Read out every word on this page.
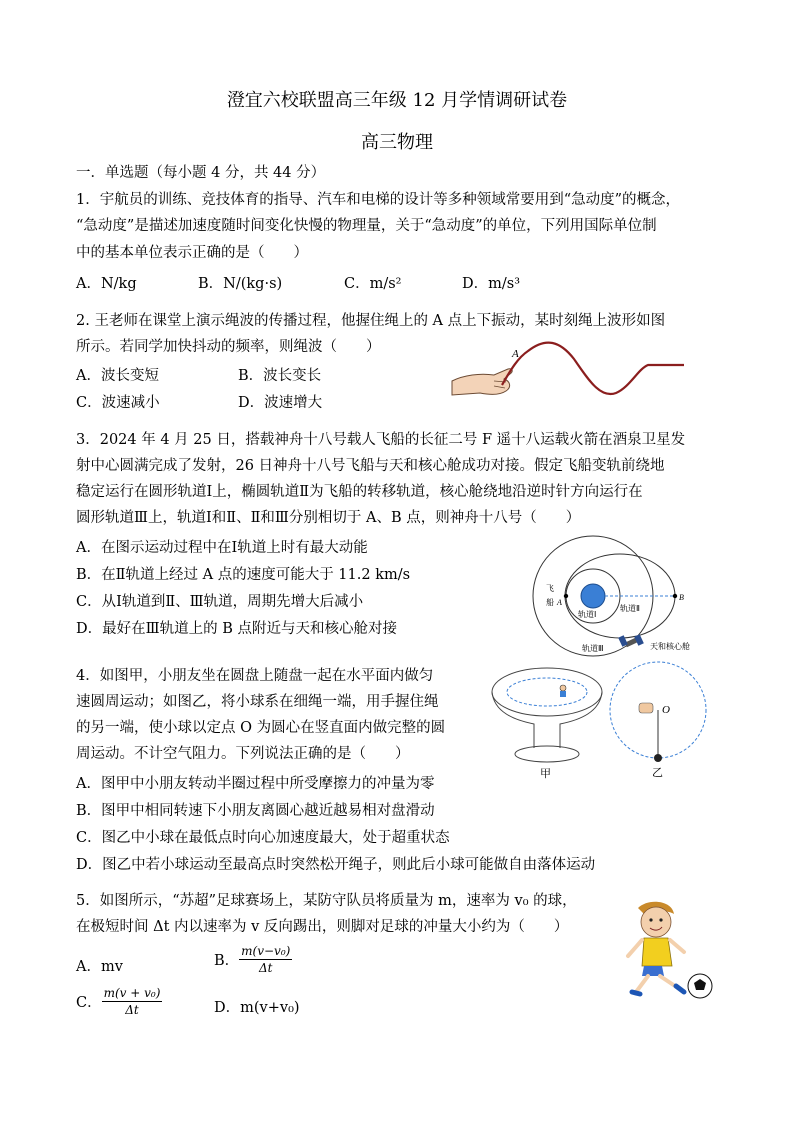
澄宜六校联盟高三年级 12 月学情调研试卷
高三物理
一．单选题（每小题 4 分，共 44 分）
1．宇航员的训练、竞技体育的指导、汽车和电梯的设计等多种领域常要用到“急动度”的概念，
“急动度”是描述加速度随时间变化快慢的物理量，关于“急动度”的单位，下列用国际单位制
中的基本单位表示正确的是（　　）
A．N/kg	B．N/(kg·s)	C．m/s²	D．m/s³
2. 王老师在课堂上演示绳波的传播过程，他握住绳上的 A 点上下振动，某时刻绳上波形如图
所示。若同学加快抖动的频率，则绳波（　　）
A．波长变短	B．波长变长
C．波速减小	D．波速增大
A
3．2024 年 4 月 25 日，搭载神舟十八号载人飞船的长征二号 F 遥十八运载火箭在酒泉卫星发
射中心圆满完成了发射，26 日神舟十八号飞船与天和核心舱成功对接。假定飞船变轨前绕地
稳定运行在圆形轨道Ⅰ上，椭圆轨道Ⅱ为飞船的转移轨道，核心舱绕地沿逆时针方向运行在
圆形轨道Ⅲ上，轨道Ⅰ和Ⅱ、Ⅱ和Ⅲ分别相切于 A、B 点，则神舟十八号（　　）
A．在图示运动过程中在Ⅰ轨道上时有最大动能
B．在Ⅱ轨道上经过 A 点的速度可能大于 11.2 km/s
C．从Ⅰ轨道到Ⅱ、Ⅲ轨道，周期先增大后减小
D．最好在Ⅲ轨道上的 B 点附近与天和核心舱对接
飞
船 A
B
轨道Ⅰ
轨道Ⅱ
轨道Ⅲ	天和核心舱
4．如图甲，小朋友坐在圆盘上随盘一起在水平面内做匀
速圆周运动；如图乙，将小球系在细绳一端，用手握住绳
的另一端，使小球以定点 O 为圆心在竖直面内做完整的圆
周运动。不计空气阻力。下列说法正确的是（　　）
A．图甲中小朋友转动半圈过程中所受摩擦力的冲量为零
B．图甲中相同转速下小朋友离圆心越近越易相对盘滑动
C．图乙中小球在最低点时向心加速度最大，处于超重状态
D．图乙中若小球运动至最高点时突然松开绳子，则此后小球可能做自由落体运动
甲
O
乙
5．如图所示，“苏超”足球赛场上，某防守队员将质量为 m，速率为 v₀ 的球，
在极短时间 Δt 内以速率为 v 反向踢出，则脚对足球的冲量大小约为（　　）
A．mv	B． $\frac{\text{m(v−v₀)}}{\Delta t}$
C． $\frac{\text{m(v + v₀)}}{\Delta t}$	D．m(v+v₀)
